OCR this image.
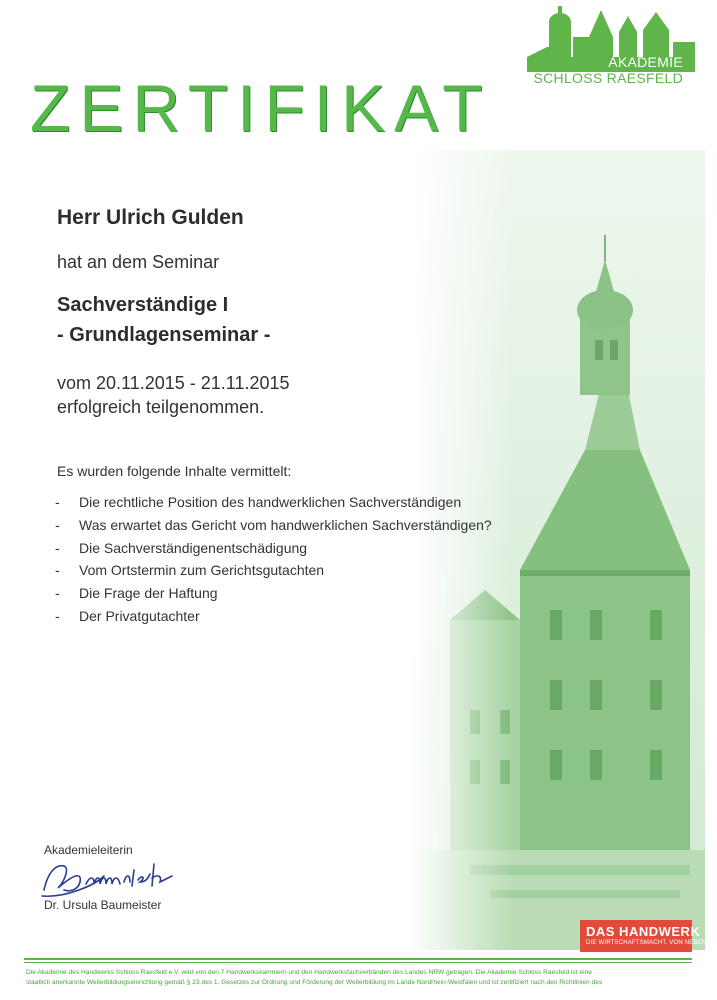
AKADEMIE
SCHLOSS RAESFELD
ZERTIFIKAT
Herr Ulrich Gulden
hat an dem Seminar
Sachverständige I
- Grundlagenseminar -
vom 20.11.2015 - 21.11.2015
erfolgreich teilgenommen.
Es wurden folgende Inhalte vermittelt:
-	Die rechtliche Position des handwerklichen Sachverständigen
-	Was erwartet das Gericht vom handwerklichen Sachverständigen?
-	Die Sachverständigenentschädigung
-	Vom Ortstermin zum Gerichtsgutachten
-	Die Frage der Haftung
-	Der Privatgutachter
Akademieleiterin
Dr. Ursula Baumeister
DAS HANDWERK
DIE WIRTSCHAFTSMACHT. VON NEBENAN.
Die Akademie des Handwerks Schloss Raesfeld e.V. wird von den 7 Handwerkskammern und den Handwerksfachverbänden des Landes NRW getragen. Die Akademie Schloss Raesfeld ist eine
staatlich anerkannte Weiterbildungseinrichtung gemäß § 23 des 1. Gesetzes zur Ordnung und Förderung der Weiterbildung im Lande Nordrhein-Westfalen und ist zertifiziert nach den Richtlinien des
